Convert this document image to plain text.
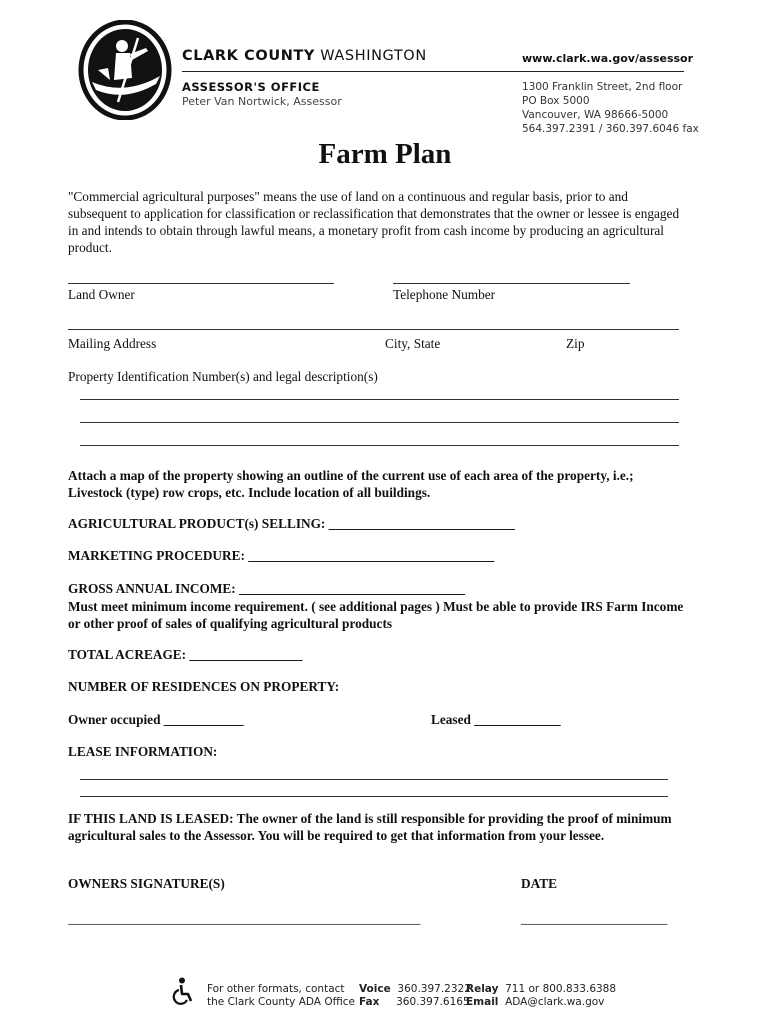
CLARK COUNTY WASHINGTON	www.clark.wa.gov/assessor
ASSESSOR'S OFFICE
Peter Van Nortwick, Assessor
1300 Franklin Street, 2nd floor
PO Box 5000
Vancouver, WA 98666-5000
564.397.2391 / 360.397.6046 fax
Farm Plan
"Commercial agricultural purposes" means the use of land on a continuous and regular basis, prior to and subsequent to application for classification or reclassification that demonstrates that the owner or lessee is engaged in and intends to obtain through lawful means, a monetary profit from cash income by producing an agricultural product.
Land Owner	Telephone Number
Mailing Address	City, State	Zip
Property Identification Number(s) and legal description(s)
Attach a map of the property showing an outline of the current use of each area of the property, i.e.; Livestock (type) row crops, etc. Include location of all buildings.
AGRICULTURAL PRODUCT(s) SELLING: ____________________________
MARKETING PROCEDURE: _____________________________________
GROSS ANNUAL INCOME: __________________________________
Must meet minimum income requirement. ( see additional pages ) Must be able to provide IRS Farm Income or other proof of sales of qualifying agricultural products
TOTAL ACREAGE: _________________
NUMBER OF RESIDENCES ON PROPERTY:
Owner occupied ____________	Leased _____________
LEASE INFORMATION:
IF THIS LAND IS LEASED: The owner of the land is still responsible for providing the proof of minimum agricultural sales to the Assessor. You will be required to get that information from your lessee.
OWNERS SIGNATURE(S)	DATE
_____________________________________________________	______________________
For other formats, contact
the Clark County ADA Office
Voice 360.397.2322
Fax 360.397.6165
Relay 711 or 800.833.6388
Email ADA@clark.wa.gov
